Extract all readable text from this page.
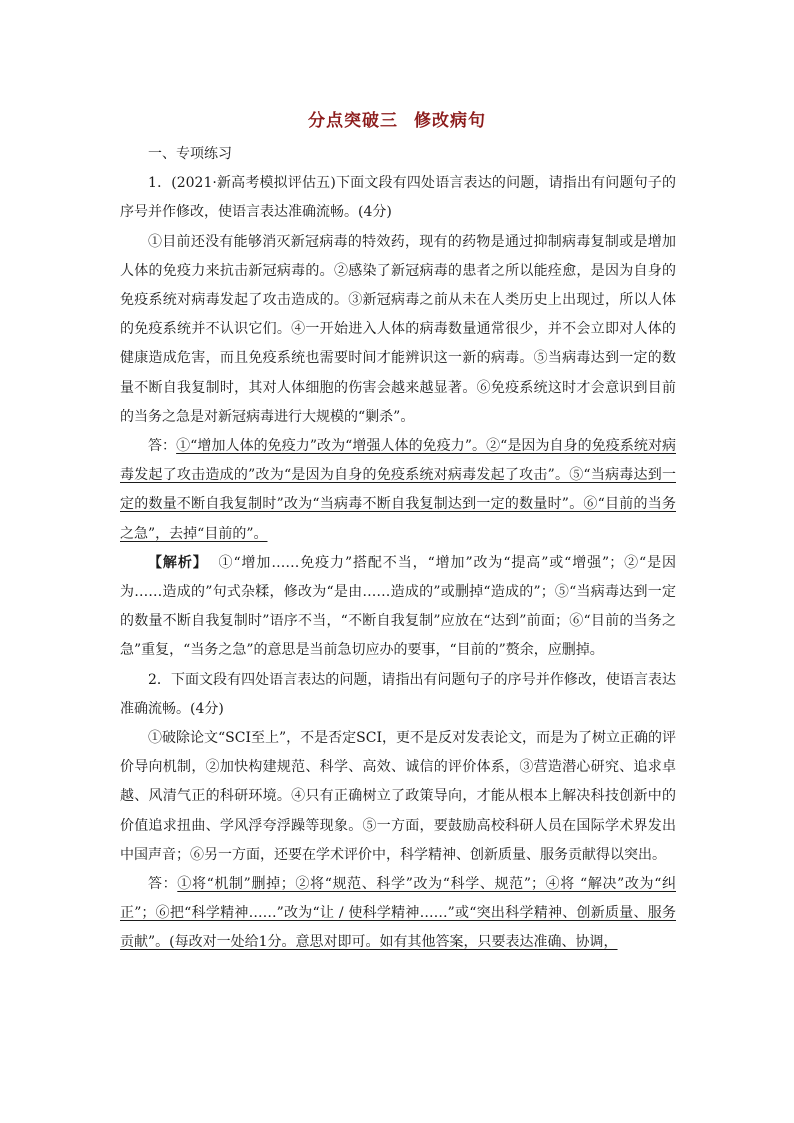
分点突破三 修改病句

一、专项练习

1．(2021·新高考模拟评估五)下面文段有四处语言表达的问题，请指出有问题句子的序号并作修改，使语言表达准确流畅。(4分)

①目前还没有能够消灭新冠病毒的特效药，现有的药物是通过抑制病毒复制或是增加人体的免疫力来抗击新冠病毒的。②感染了新冠病毒的患者之所以能痊愈，是因为自身的免疫系统对病毒发起了攻击造成的。③新冠病毒之前从未在人类历史上出现过，所以人体的免疫系统并不认识它们。④一开始进入人体的病毒数量通常很少，并不会立即对人体的健康造成危害，而且免疫系统也需要时间才能辨识这一新的病毒。⑤当病毒达到一定的数量不断自我复制时，其对人体细胞的伤害会越来越显著。⑥免疫系统这时才会意识到目前的当务之急是对新冠病毒进行大规模的“剿杀”。

答：①“增加人体的免疫力”改为“增强人体的免疫力”。②“是因为自身的免疫系统对病毒发起了攻击造成的”改为“是因为自身的免疫系统对病毒发起了攻击”。⑤“当病毒达到一定的数量不断自我复制时”改为“当病毒不断自我复制达到一定的数量时”。⑥“目前的当务之急”，去掉“目前的”。

【解析】 ①“增加……免疫力”搭配不当，“增加”改为“提高”或“增强”；②“是因为……造成的”句式杂糅，修改为“是由……造成的”或删掉“造成的”；⑤“当病毒达到一定的数量不断自我复制时”语序不当，“不断自我复制”应放在“达到”前面；⑥“目前的当务之急”重复，“当务之急”的意思是当前急切应办的要事，“目前的”赘余，应删掉。

2．下面文段有四处语言表达的问题，请指出有问题句子的序号并作修改，使语言表达准确流畅。(4分)

①破除论文“SCI至上”，不是否定SCI，更不是反对发表论文，而是为了树立正确的评价导向机制，②加快构建规范、科学、高效、诚信的评价体系，③营造潜心研究、追求卓越、风清气正的科研环境。④只有正确树立了政策导向，才能从根本上解决科技创新中的价值追求扭曲、学风浮夸浮躁等现象。⑤一方面，要鼓励高校科研人员在国际学术界发出中国声音；⑥另一方面，还要在学术评价中，科学精神、创新质量、服务贡献得以突出。

答：①将“机制”删掉；②将“规范、科学”改为“科学、规范”；④将 “解决”改为“纠正”；⑥把“科学精神……”改为“让 / 使科学精神……”或“突出科学精神、创新质量、服务贡献”。(每改对一处给1分。意思对即可。如有其他答案，只要表达准确、协调，
